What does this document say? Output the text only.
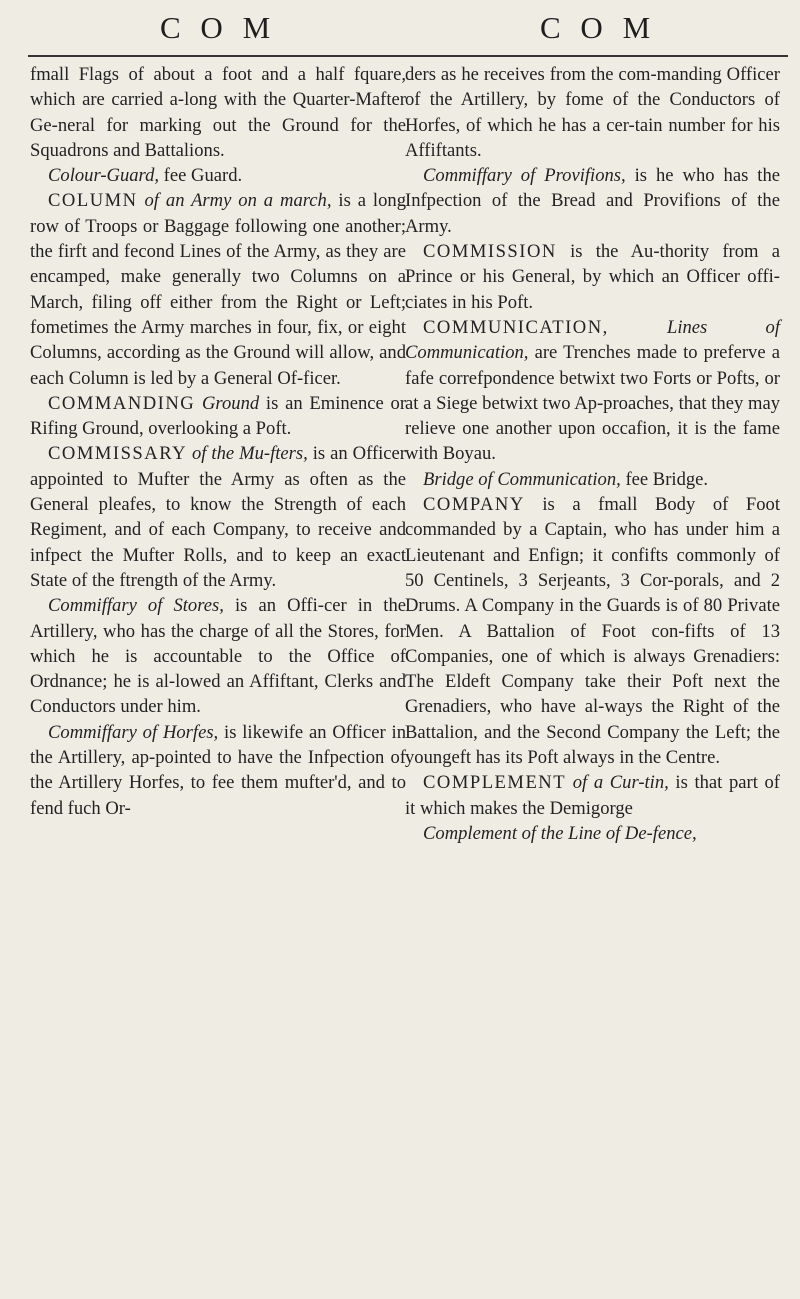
C O M	C O M

fmall Flags of about a foot and a half fquare, which are carried a-long with the Quarter-Mafter Ge-neral for marking out the Ground for the Squadrons and Battalions.

Colour-Guard, fee Guard.

COLUMN of an Army on a march, is a long row of Troops or Baggage following one another; the firft and fecond Lines of the Army, as they are encamped, make generally two Columns on a March, filing off either from the Right or Left; fometimes the Army marches in four, fix, or eight Columns, according as the Ground will allow, and each Column is led by a General Of-ficer.

COMMANDING Ground is an Eminence or Rifing Ground, overlooking a Poft.

COMMISSARY of the Mu-fters, is an Officer appointed to Mufter the Army as often as the General pleafes, to know the Strength of each Regiment, and of each Company, to receive and infpect the Mufter Rolls, and to keep an exact State of the ftrength of the Army.

Commiffary of Stores, is an Offi-cer in the Artillery, who has the charge of all the Stores, for which he is accountable to the Office of Ordnance; he is al-lowed an Affiftant, Clerks and Conductors under him.

Commiffary of Horfes, is likewife an Officer in the Artillery, ap-pointed to have the Infpection of the Artillery Horfes, to fee them mufter'd, and to fend fuch Or-

ders as he receives from the com-manding Officer of the Artillery, by fome of the Conductors of Horfes, of which he has a cer-tain number for his Affiftants.

Commiffary of Provifions, is he who has the Infpection of the Bread and Provifions of the Army.

COMMISSION is the Au-thority from a Prince or his General, by which an Officer offi-ciates in his Poft.

COMMUNICATION, Lines of Communication, are Trenches made to preferve a fafe correfpondence betwixt two Forts or Pofts, or at a Siege betwixt two Ap-proaches, that they may relieve one another upon occafion, it is the fame with Boyau.

Bridge of Communication, fee Bridge.

COMPANY is a fmall Body of Foot commanded by a Captain, who has under him a Lieutenant and Enfign; it confifts commonly of 50 Centinels, 3 Serjeants, 3 Cor-porals, and 2 Drums. A Company in the Guards is of 80 Private Men. A Battalion of Foot con-fifts of 13 Companies, one of which is always Grenadiers: The Eldeft Company take their Poft next the Grenadiers, who have al-ways the Right of the Battalion, and the Second Company the Left; the youngeft has its Poft always in the Centre.

COMPLEMENT of a Cur-tin, is that part of it which makes the Demigorge

Complement of the Line of De-fence,
